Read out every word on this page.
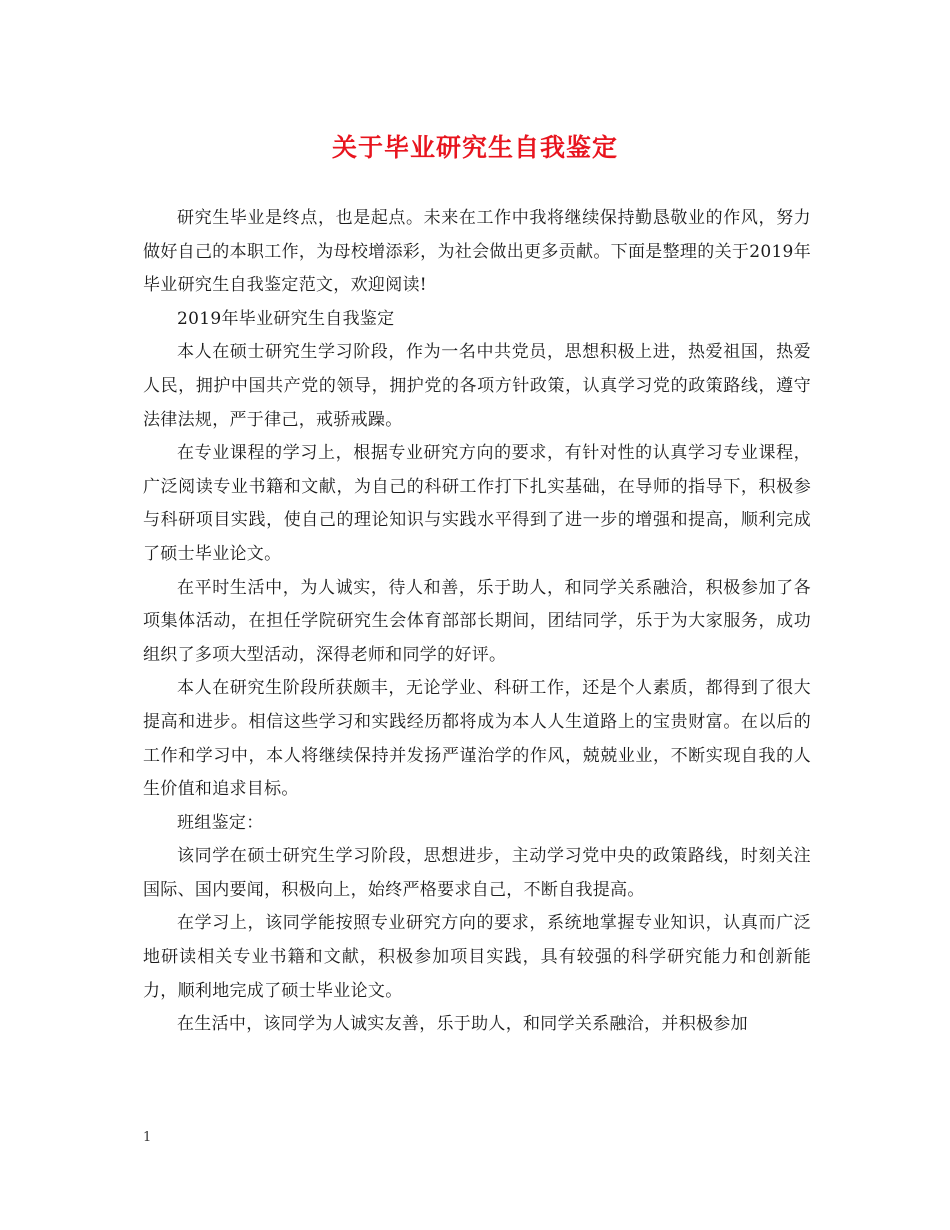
关于毕业研究生自我鉴定

研究生毕业是终点，也是起点。未来在工作中我将继续保持勤恳敬业的作风，努力做好自己的本职工作，为母校增添彩，为社会做出更多贡献。下面是整理的关于2019年毕业研究生自我鉴定范文，欢迎阅读!

2019年毕业研究生自我鉴定

本人在硕士研究生学习阶段，作为一名中共党员，思想积极上进，热爱祖国，热爱人民，拥护中国共产党的领导，拥护党的各项方针政策，认真学习党的政策路线，遵守法律法规，严于律己，戒骄戒躁。

在专业课程的学习上，根据专业研究方向的要求，有针对性的认真学习专业课程，广泛阅读专业书籍和文献，为自己的科研工作打下扎实基础，在导师的指导下，积极参与科研项目实践，使自己的理论知识与实践水平得到了进一步的增强和提高，顺利完成了硕士毕业论文。

在平时生活中，为人诚实，待人和善，乐于助人，和同学关系融洽，积极参加了各项集体活动，在担任学院研究生会体育部部长期间，团结同学，乐于为大家服务，成功组织了多项大型活动，深得老师和同学的好评。

本人在研究生阶段所获颇丰，无论学业、科研工作，还是个人素质，都得到了很大提高和进步。相信这些学习和实践经历都将成为本人人生道路上的宝贵财富。在以后的工作和学习中，本人将继续保持并发扬严谨治学的作风，兢兢业业，不断实现自我的人生价值和追求目标。

班组鉴定：

该同学在硕士研究生学习阶段，思想进步，主动学习党中央的政策路线，时刻关注国际、国内要闻，积极向上，始终严格要求自己，不断自我提高。

在学习上，该同学能按照专业研究方向的要求，系统地掌握专业知识，认真而广泛地研读相关专业书籍和文献，积极参加项目实践，具有较强的科学研究能力和创新能力，顺利地完成了硕士毕业论文。

在生活中，该同学为人诚实友善，乐于助人，和同学关系融洽，并积极参加

1
